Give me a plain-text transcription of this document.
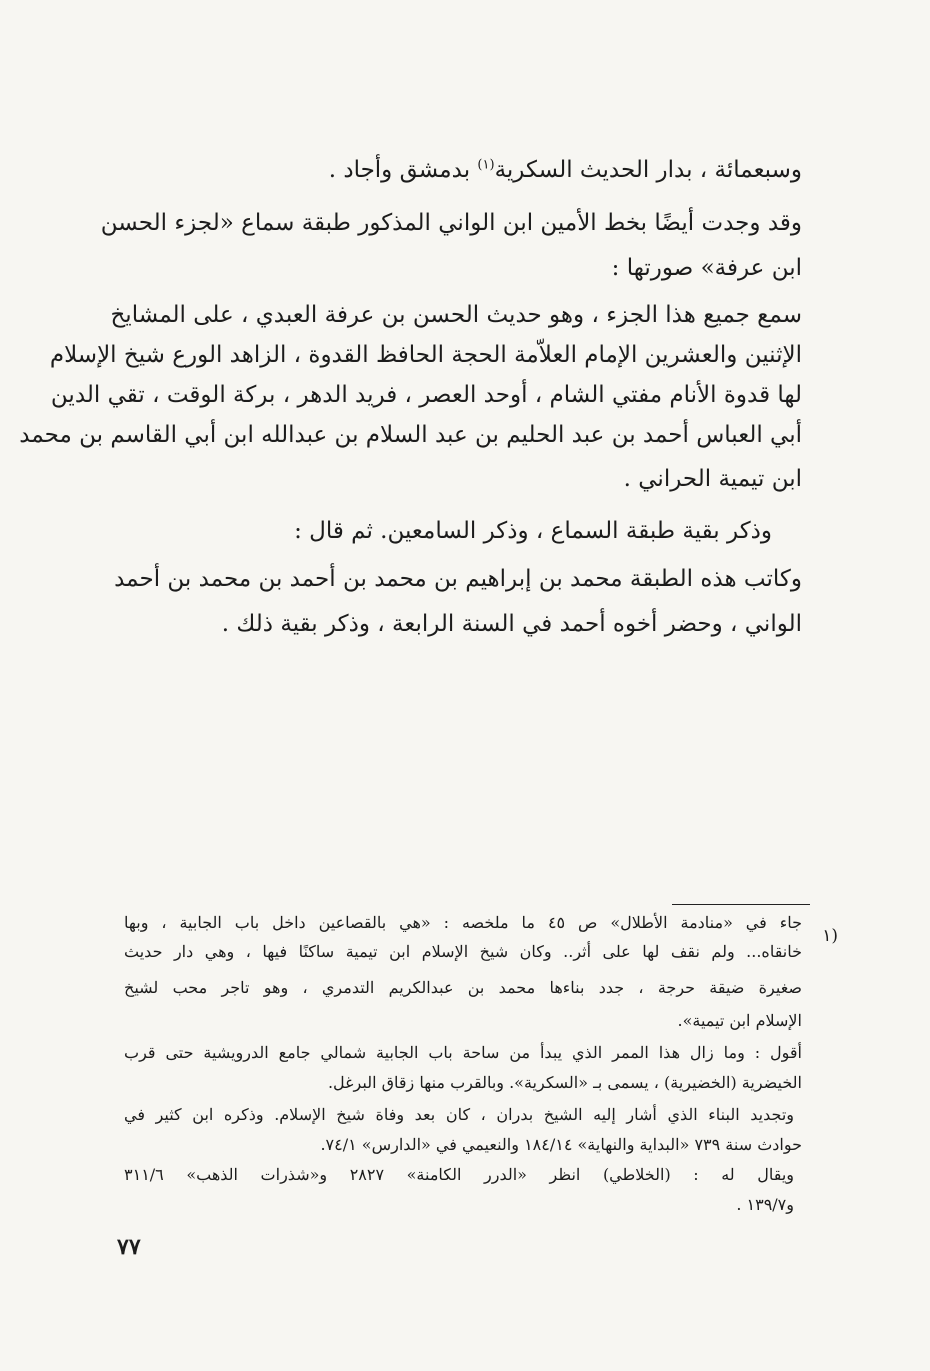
وسبعمائة ، بدار الحديث السكرية$^{(١)}$ بدمشق وأجاد .
وقد وجدت أيضًا بخط الأمين ابن الواني المذكور طبقة سماع «لجزء الحسن
ابن عرفة» صورتها :
سمع جميع هذا الجزء ، وهو حديث الحسن بن عرفة العبدي ، على المشايخ
الإثنين والعشرين الإمام العلاّمة الحجة الحافظ القدوة ، الزاهد الورع شيخ الإسلام
لها قدوة الأنام مفتي الشام ، أوحد العصر ، فريد الدهر ، بركة الوقت ، تقي الدين
أبي العباس أحمد بن عبد الحليم بن عبد السلام بن عبدالله ابن أبي القاسم بن محمد
ابن تيمية الحراني .
وذكر بقية طبقة السماع ، وذكر السامعين. ثم قال :
وكاتب هذه الطبقة محمد بن إبراهيم بن محمد بن أحمد بن محمد بن أحمد
الواني ، وحضر أخوه أحمد في السنة الرابعة ، وذكر بقية ذلك .
١)
جاء في «منادمة الأطلال» ص ٤٥ ما ملخصه : «هي بالقصاعين داخل باب الجابية ، وبها
خانقاه... ولم نقف لها على أثر.. وكان شيخ الإسلام ابن تيمية ساكنًا فيها ، وهي دار حديث
صغيرة ضيقة حرجة ، جدد بناءها محمد بن عبدالكريم التدمري ، وهو تاجر محب لشيخ
الإسلام ابن تيمية».
أقول : وما زال هذا الممر الذي يبدأ من ساحة باب الجابية شمالي جامع الدرويشية حتى قرب
الخيضرية (الخضيرية) ، يسمى بـ «السكرية». وبالقرب منها زقاق البرغل.
وتجديد البناء الذي أشار إليه الشيخ بدران ، كان بعد وفاة شيخ الإسلام. وذكره ابن كثير في
حوادث سنة ٧٣٩ «البداية والنهاية» ١٨٤/١٤ والنعيمي في «الدارس» ٧٤/١.
ويقال له : (الخلاطي) انظر «الدرر الكامنة» ٢٨٢٧ و«شذرات الذهب» ٣١١/٦
و١٣٩/٧ .
٧٧
